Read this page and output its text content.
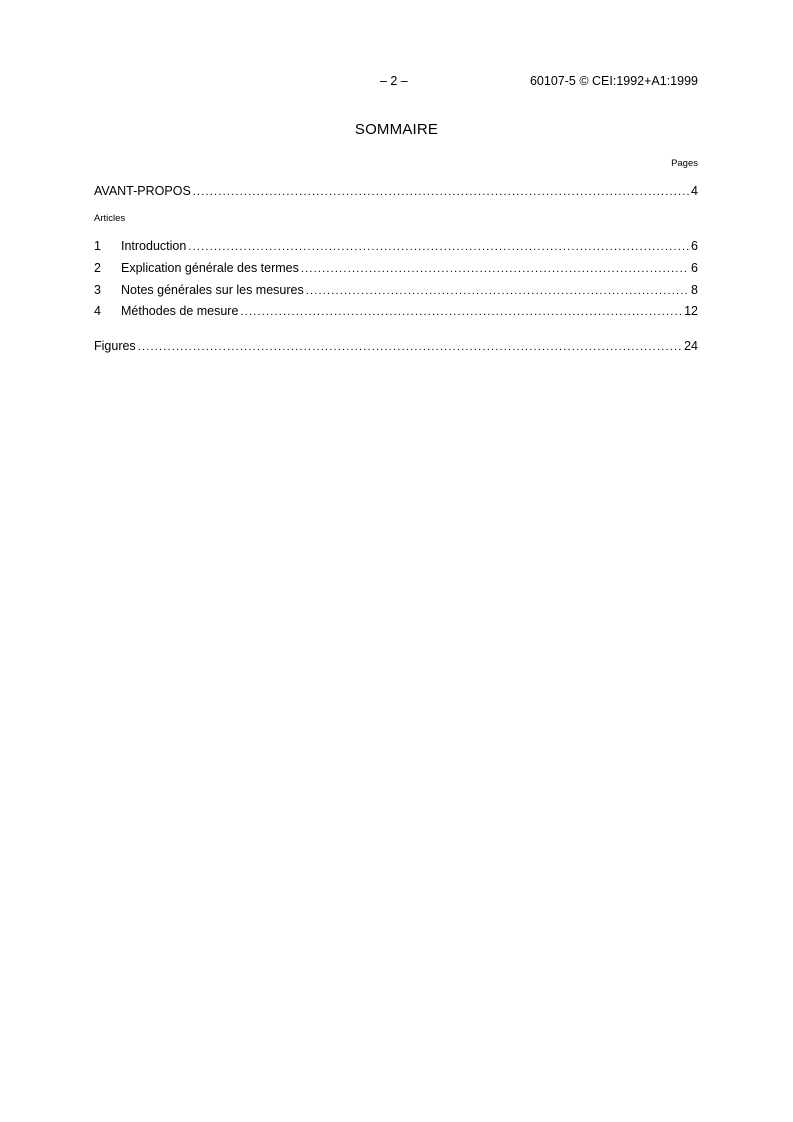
– 2 –	60107-5 © CEI:1992+A1:1999
SOMMAIRE
Pages
AVANT-PROPOS .....	4
Articles
1	Introduction .....	6
2	Explication générale des termes .....	6
3	Notes générales sur les mesures .....	8
4	Méthodes de mesure .....	12
Figures .....	24
